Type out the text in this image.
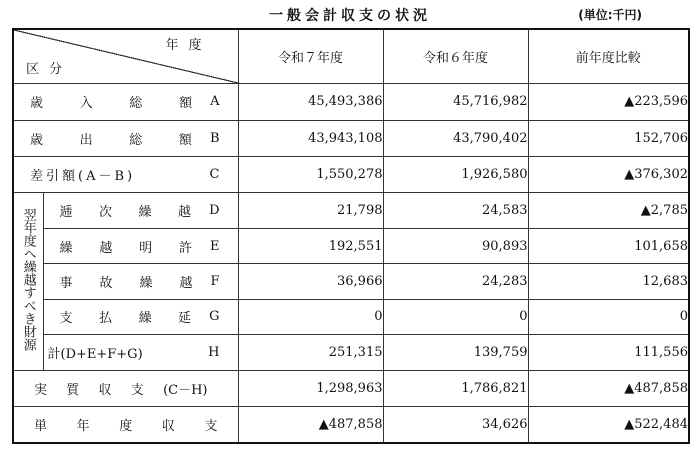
一般会計収支の状況	(単位:千円)
年度
区分		令和７年度	令和６年度	前年度比較

歳 入 総 額 A		45,493,386	45,716,982	▲223,596

歳 出 総 額 B		43,943,108	43,790,402	152,706

差引額(A－B) C		1,550,278	1,926,580	▲376,302
翌年度へ繰越すべき財源	逓 次 繰 越 D	21,798	24,583	▲2,785

	繰 越 明 許 E	192,551	90,893	101,658

	事 故 繰 越 F	36,966	24,283	12,683

	支 払 繰 延 G	0	0	0

	計(D+E+F+G) H	251,315	139,759	111,556

実 質 収 支 (C－H)		1,298,963	1,786,821	▲487,858

単 年 度 収 支		▲487,858	34,626	▲522,484
